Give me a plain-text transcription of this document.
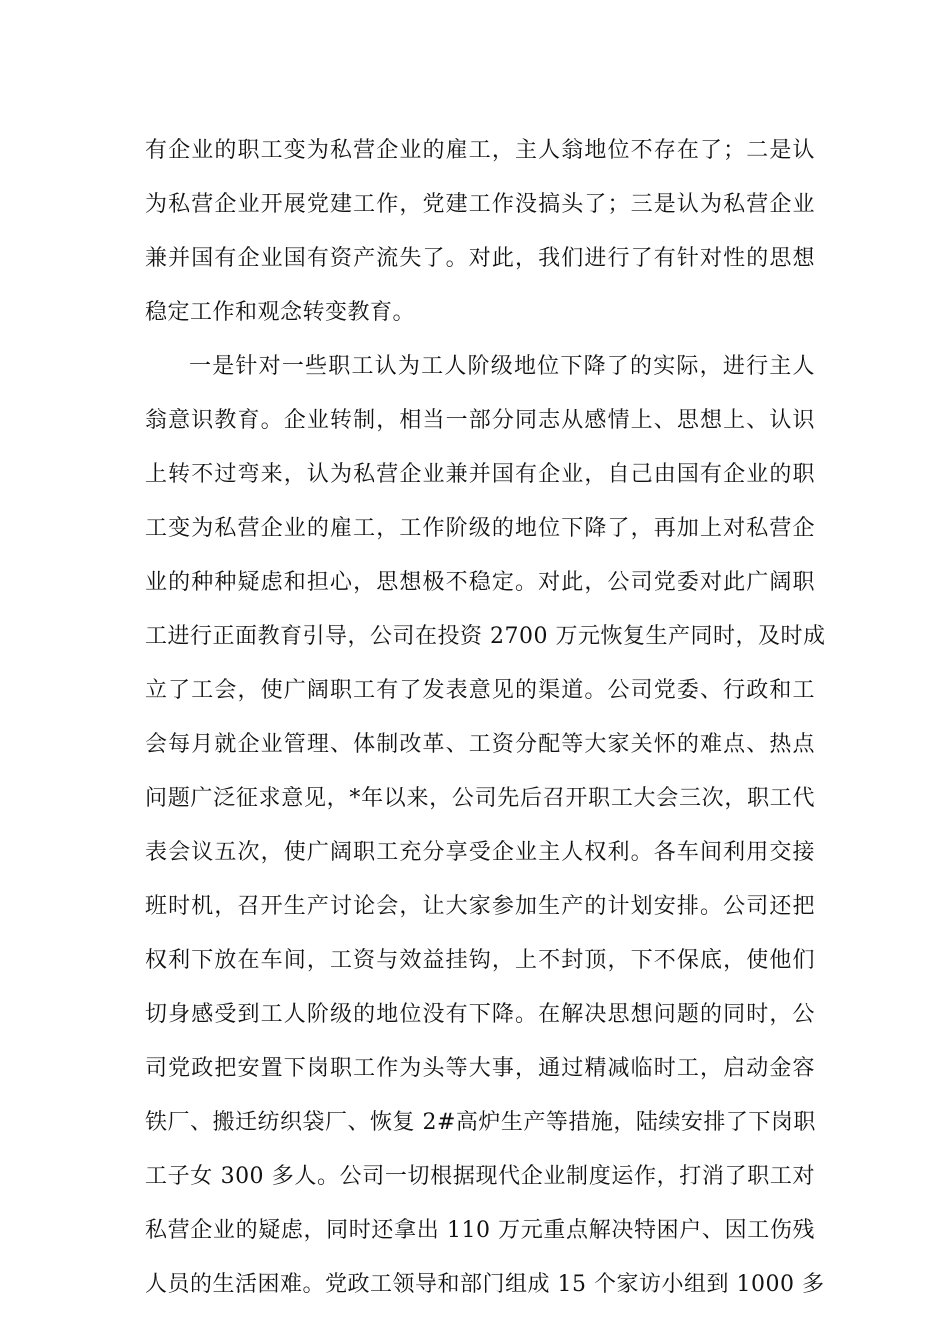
有企业的职工变为私营企业的雇工，主人翁地位不存在了；二是认
为私营企业开展党建工作，党建工作没搞头了；三是认为私营企业
兼并国有企业国有资产流失了。对此，我们进行了有针对性的思想
稳定工作和观念转变教育。
一是针对一些职工认为工人阶级地位下降了的实际，进行主人
翁意识教育。企业转制，相当一部分同志从感情上、思想上、认识
上转不过弯来，认为私营企业兼并国有企业，自己由国有企业的职
工变为私营企业的雇工，工作阶级的地位下降了，再加上对私营企
业的种种疑虑和担心，思想极不稳定。对此，公司党委对此广阔职
工进行正面教育引导，公司在投资 2700 万元恢复生产同时，及时成
立了工会，使广阔职工有了发表意见的渠道。公司党委、行政和工
会每月就企业管理、体制改革、工资分配等大家关怀的难点、热点
问题广泛征求意见，*年以来，公司先后召开职工大会三次，职工代
表会议五次，使广阔职工充分享受企业主人权利。各车间利用交接
班时机，召开生产讨论会，让大家参加生产的计划安排。公司还把
权利下放在车间，工资与效益挂钩，上不封顶，下不保底，使他们
切身感受到工人阶级的地位没有下降。在解决思想问题的同时，公
司党政把安置下岗职工作为头等大事，通过精减临时工，启动金容
铁厂、搬迁纺织袋厂、恢复 2#高炉生产等措施，陆续安排了下岗职
工子女 300 多人。公司一切根据现代企业制度运作，打消了职工对
私营企业的疑虑，同时还拿出 110 万元重点解决特困户、因工伤残
人员的生活困难。党政工领导和部门组成 15 个家访小组到 1000 多
